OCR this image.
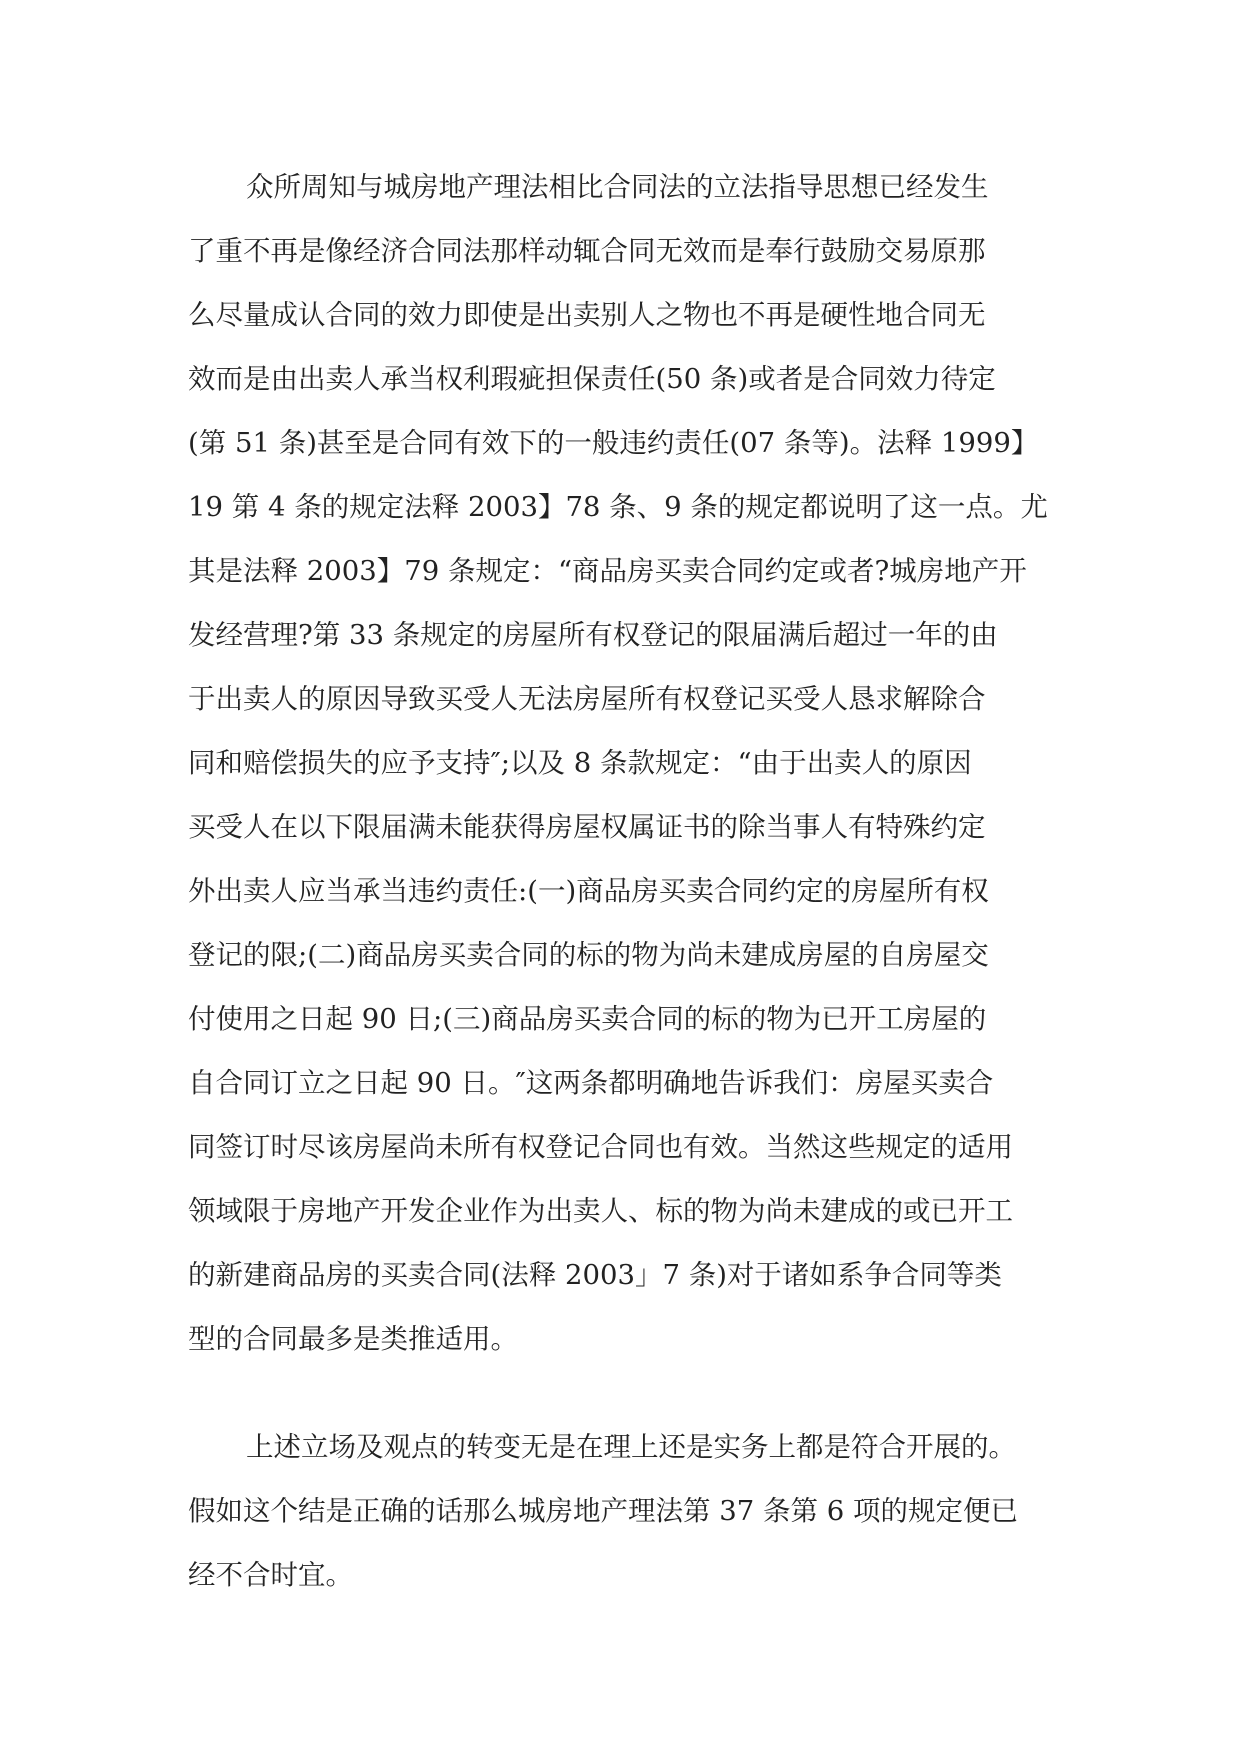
众所周知与城房地产理法相比合同法的立法指导思想已经发生
了重不再是像经济合同法那样动辄合同无效而是奉行鼓励交易原那
么尽量成认合同的效力即使是出卖别人之物也不再是硬性地合同无
效而是由出卖人承当权利瑕疵担保责任(50 条)或者是合同效力待定
(第 51 条)甚至是合同有效下的一般违约责任(07 条等)。法释 1999】
19 第 4 条的规定法释 2003】78 条、9 条的规定都说明了这一点。尤
其是法释 2003】79 条规定：“商品房买卖合同约定或者?城房地产开
发经营理?第 33 条规定的房屋所有权登记的限届满后超过一年的由
于出卖人的原因导致买受人无法房屋所有权登记买受人恳求解除合
同和赔偿损失的应予支持″;以及 8 条款规定：“由于出卖人的原因
买受人在以下限届满未能获得房屋权属证书的除当事人有特殊约定
外出卖人应当承当违约责任:(一)商品房买卖合同约定的房屋所有权
登记的限;(二)商品房买卖合同的标的物为尚未建成房屋的自房屋交
付使用之日起 90 日;(三)商品房买卖合同的标的物为已开工房屋的
自合同订立之日起 90 日。″这两条都明确地告诉我们：房屋买卖合
同签订时尽该房屋尚未所有权登记合同也有效。当然这些规定的适用
领域限于房地产开发企业作为出卖人、标的物为尚未建成的或已开工
的新建商品房的买卖合同(法释 2003」7 条)对于诸如系争合同等类
型的合同最多是类推适用。
上述立场及观点的转变无是在理上还是实务上都是符合开展的。
假如这个结是正确的话那么城房地产理法第 37 条第 6 项的规定便已
经不合时宜。
